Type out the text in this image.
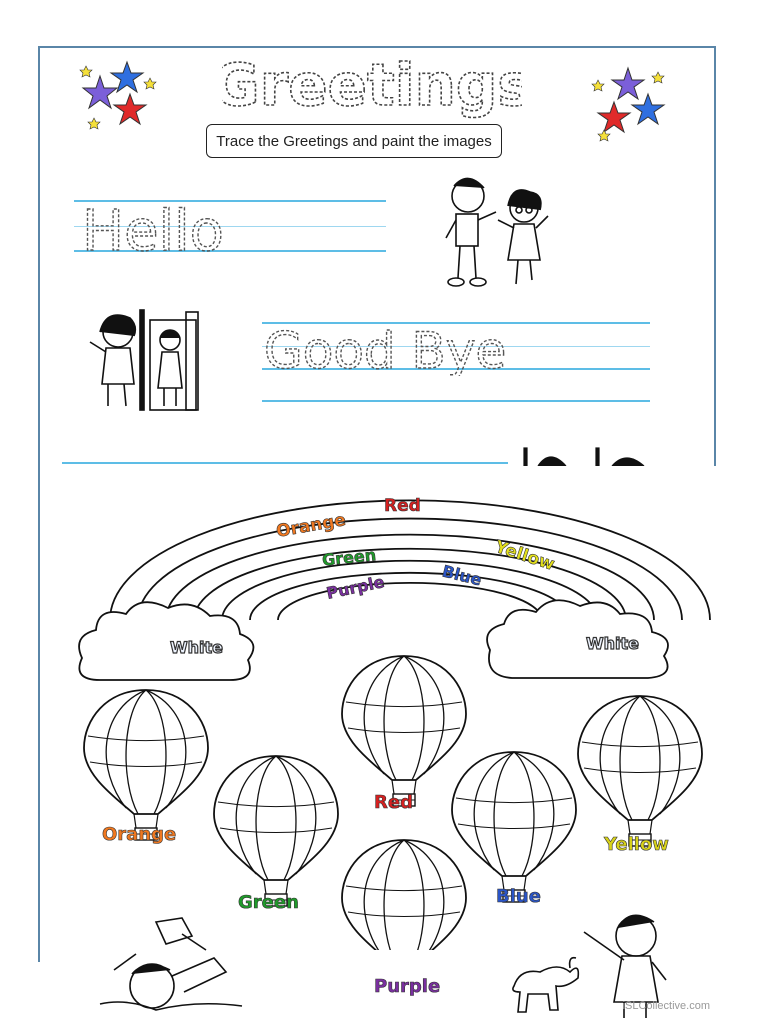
Greetings
Trace the Greetings and paint the images
Hello
Good Bye
Red
Orange
Yellow
Green
Blue
Purple
White	White
Orange
Green
Red
Purple
Blue
Yellow
iSLCollective.com
